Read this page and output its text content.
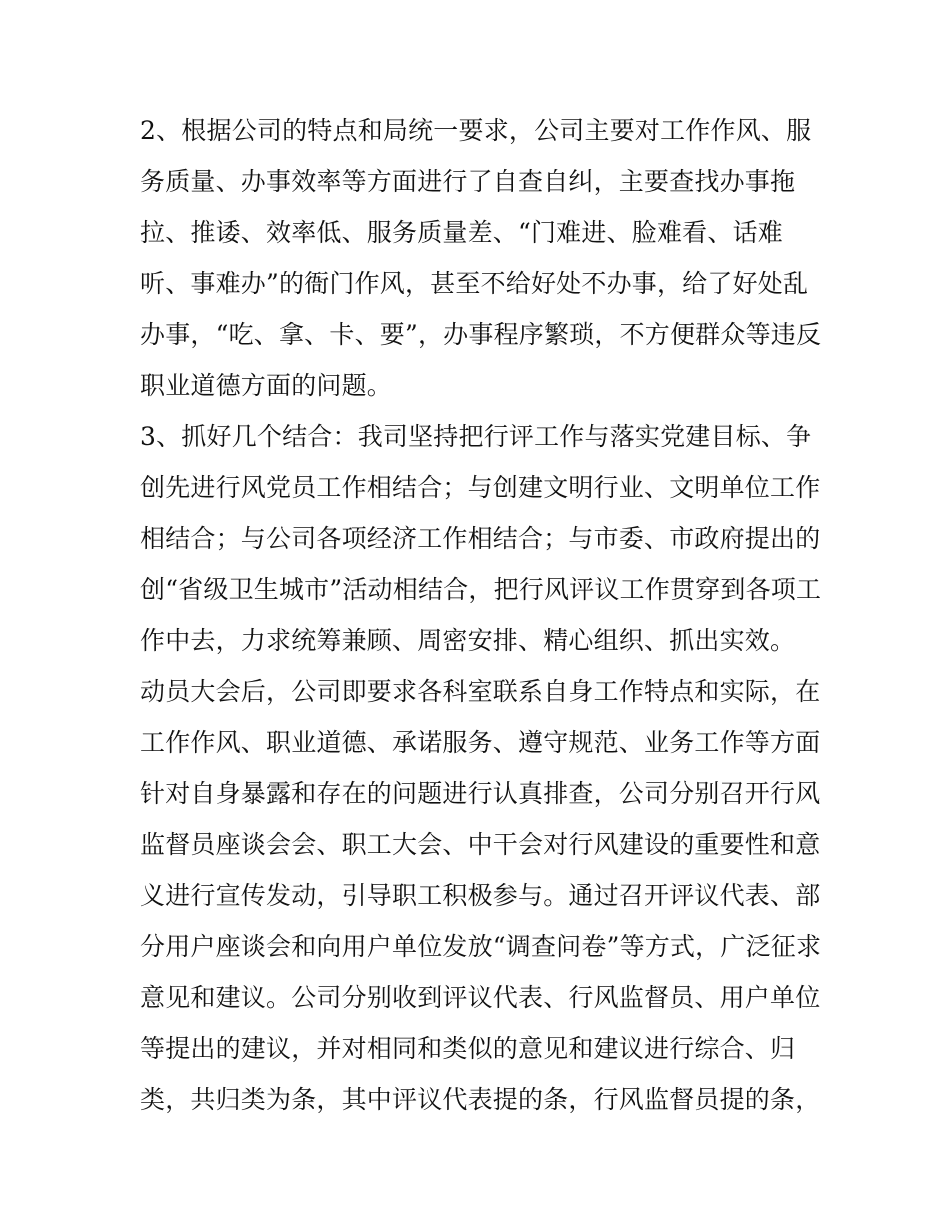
2、根据公司的特点和局统一要求，公司主要对工作作风、服
务质量、办事效率等方面进行了自查自纠，主要查找办事拖
拉、推诿、效率低、服务质量差、“门难进、脸难看、话难
听、事难办”的衙门作风，甚至不给好处不办事，给了好处乱
办事，“吃、拿、卡、要”，办事程序繁琐，不方便群众等违反
职业道德方面的问题。
3、抓好几个结合：我司坚持把行评工作与落实党建目标、争
创先进行风党员工作相结合；与创建文明行业、文明单位工作
相结合；与公司各项经济工作相结合；与市委、市政府提出的
创“省级卫生城市”活动相结合，把行风评议工作贯穿到各项工
作中去，力求统筹兼顾、周密安排、精心组织、抓出实效。
动员大会后，公司即要求各科室联系自身工作特点和实际，在
工作作风、职业道德、承诺服务、遵守规范、业务工作等方面
针对自身暴露和存在的问题进行认真排查，公司分别召开行风
监督员座谈会会、职工大会、中干会对行风建设的重要性和意
义进行宣传发动，引导职工积极参与。通过召开评议代表、部
分用户座谈会和向用户单位发放“调查问卷”等方式，广泛征求
意见和建议。公司分别收到评议代表、行风监督员、用户单位
等提出的建议，并对相同和类似的意见和建议进行综合、归
类，共归类为条，其中评议代表提的条，行风监督员提的条，
